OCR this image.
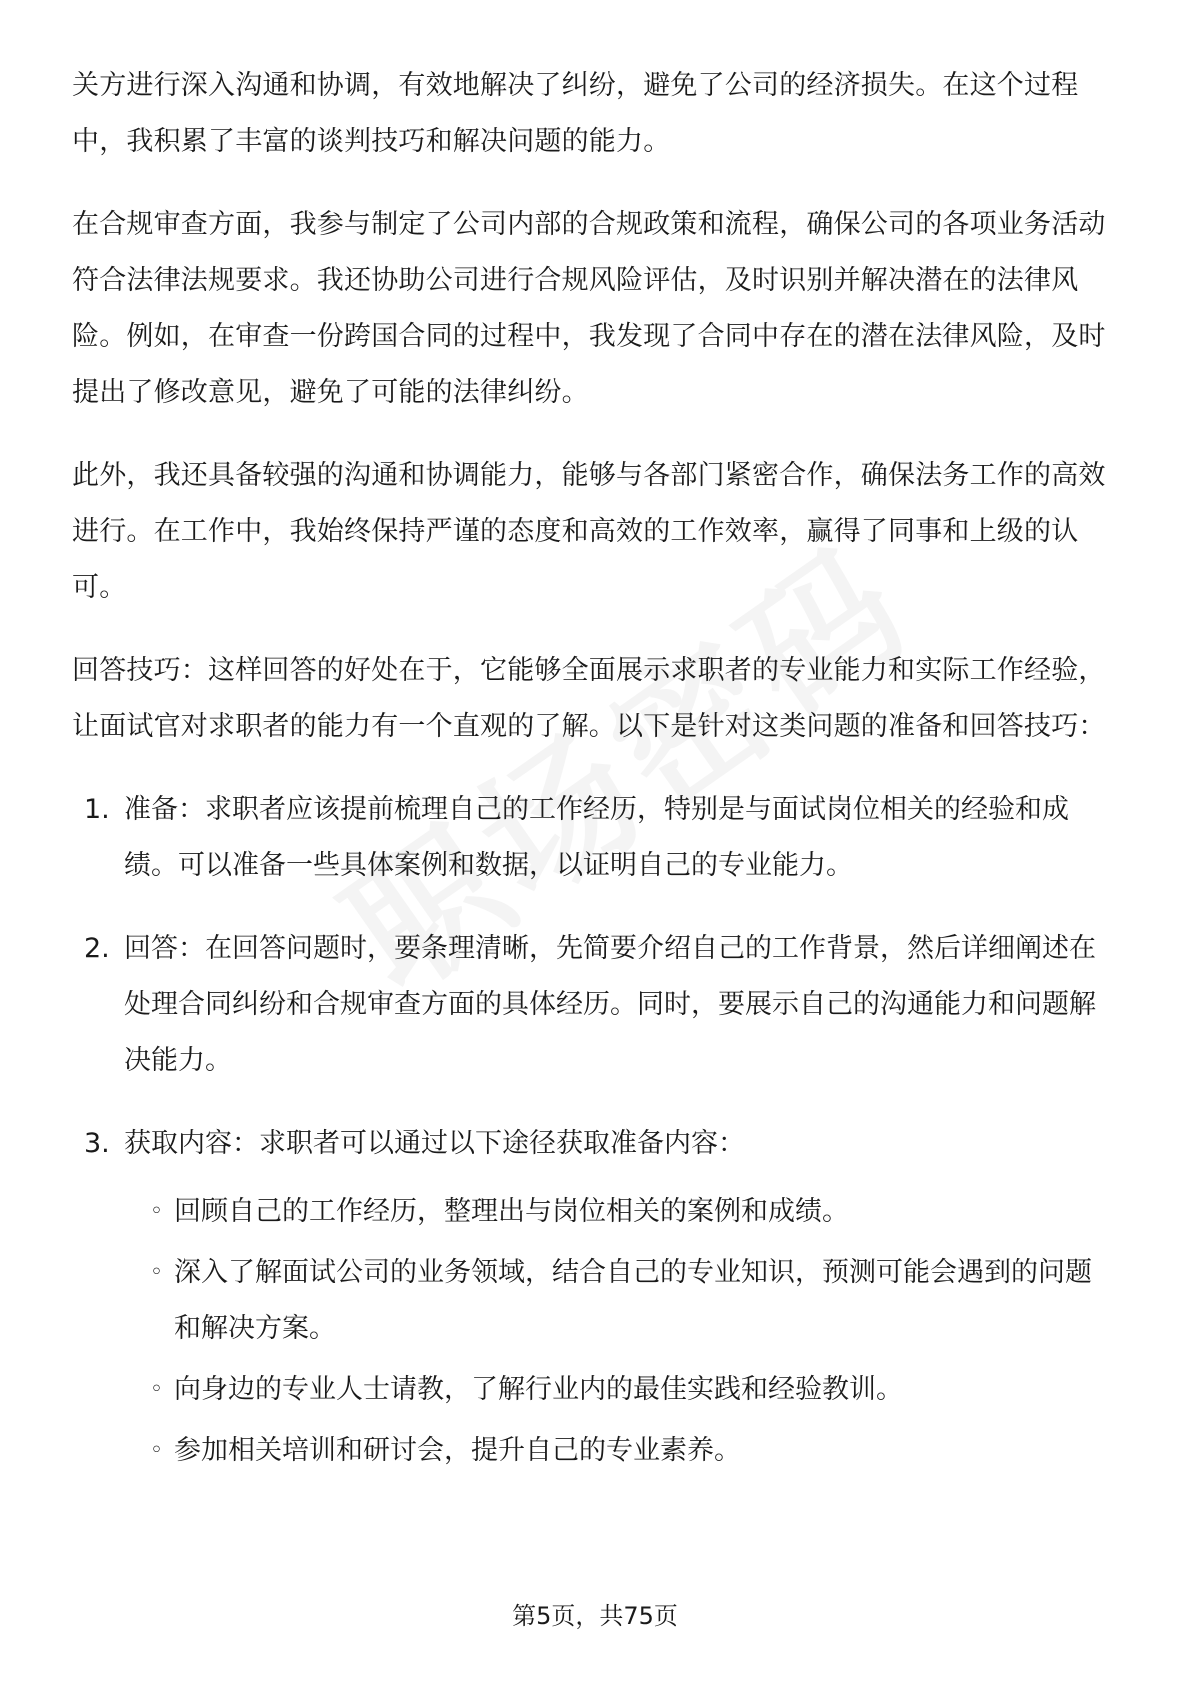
关方进行深入沟通和协调，有效地解决了纠纷，避免了公司的经济损失。在这个过程中，我积累了丰富的谈判技巧和解决问题的能力。

在合规审查方面，我参与制定了公司内部的合规政策和流程，确保公司的各项业务活动符合法律法规要求。我还协助公司进行合规风险评估，及时识别并解决潜在的法律风险。例如，在审查一份跨国合同的过程中，我发现了合同中存在的潜在法律风险，及时提出了修改意见，避免了可能的法律纠纷。

此外，我还具备较强的沟通和协调能力，能够与各部门紧密合作，确保法务工作的高效进行。在工作中，我始终保持严谨的态度和高效的工作效率，赢得了同事和上级的认可。

回答技巧：这样回答的好处在于，它能够全面展示求职者的专业能力和实际工作经验，让面试官对求职者的能力有一个直观的了解。以下是针对这类问题的准备和回答技巧：

1. 准备：求职者应该提前梳理自己的工作经历，特别是与面试岗位相关的经验和成绩。可以准备一些具体案例和数据，以证明自己的专业能力。
2. 回答：在回答问题时，要条理清晰，先简要介绍自己的工作背景，然后详细阐述在处理合同纠纷和合规审查方面的具体经历。同时，要展示自己的沟通能力和问题解决能力。
3. 获取内容：求职者可以通过以下途径获取准备内容：
◦ 回顾自己的工作经历，整理出与岗位相关的案例和成绩。
◦ 深入了解面试公司的业务领域，结合自己的专业知识，预测可能会遇到的问题和解决方案。
◦ 向身边的专业人士请教，了解行业内的最佳实践和经验教训。
◦ 参加相关培训和研讨会，提升自己的专业素养。
第5页，共75页
